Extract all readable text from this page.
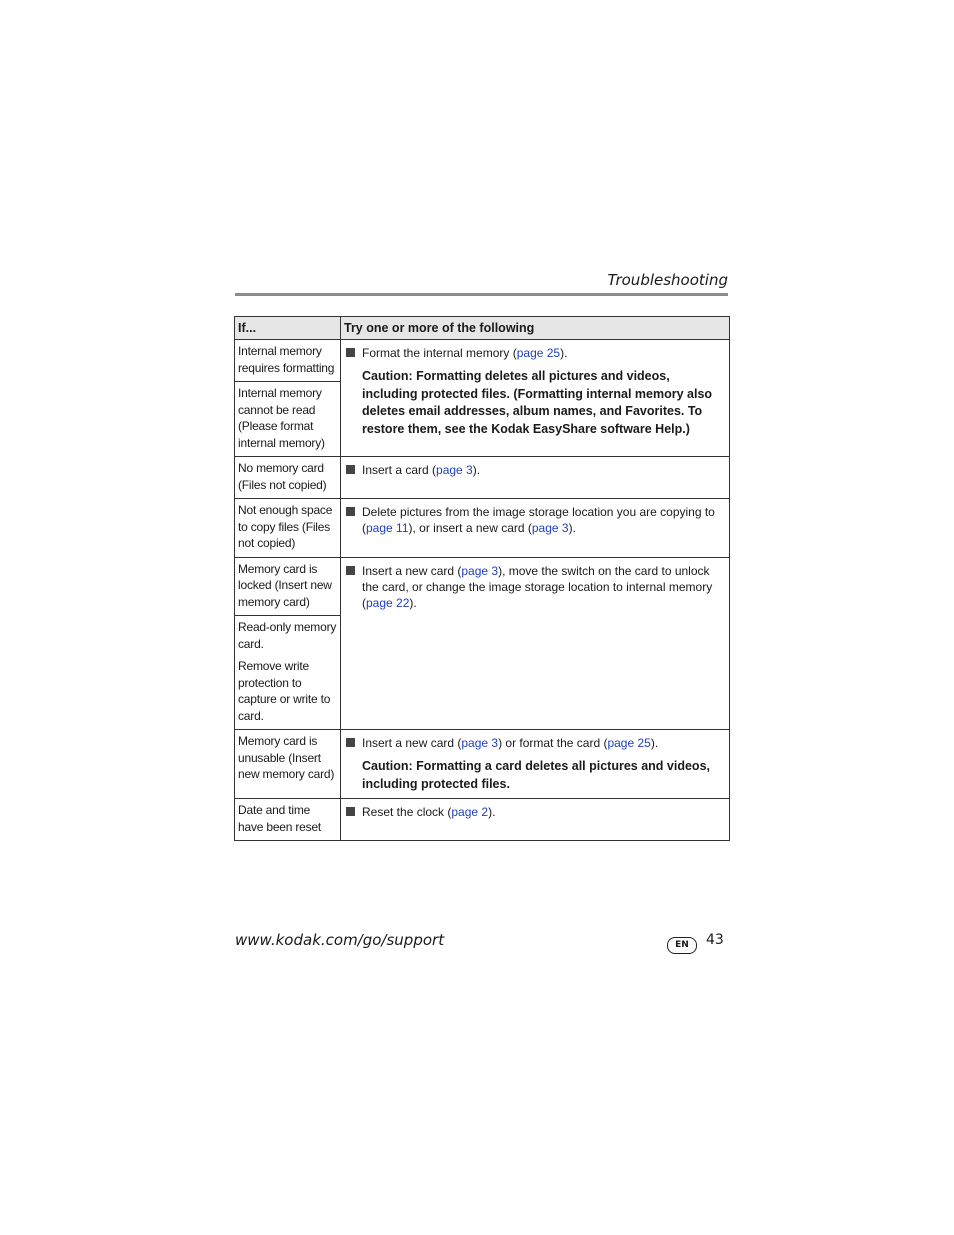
Troubleshooting
If...	Try one or more of the following

Internal memory requires formatting	Format the internal memory (page 25).
Caution: Formatting deletes all pictures and videos, including protected files. (Formatting internal memory also deletes email addresses, album names, and Favorites. To restore them, see the Kodak EasyShare software Help.)

Internal memory cannot be read (Please format internal memory)	

No memory card (Files not copied)	Insert a card (page 3).

Not enough space to copy files (Files not copied)	Delete pictures from the image storage location you are copying to (page 11), or insert a new card (page 3).

Memory card is locked (Insert new memory card)	Insert a new card (page 3), move the switch on the card to unlock the card, or change the image storage location to internal memory (page 22).

Read-only memory card.

Remove write protection to capture or write to card.	

Memory card is unusable (Insert new memory card)	Insert a new card (page 3) or format the card (page 25).
Caution: Formatting a card deletes all pictures and videos, including protected files.

Date and time have been reset	Reset the clock (page 2).
www.kodak.com/go/support	EN	43
